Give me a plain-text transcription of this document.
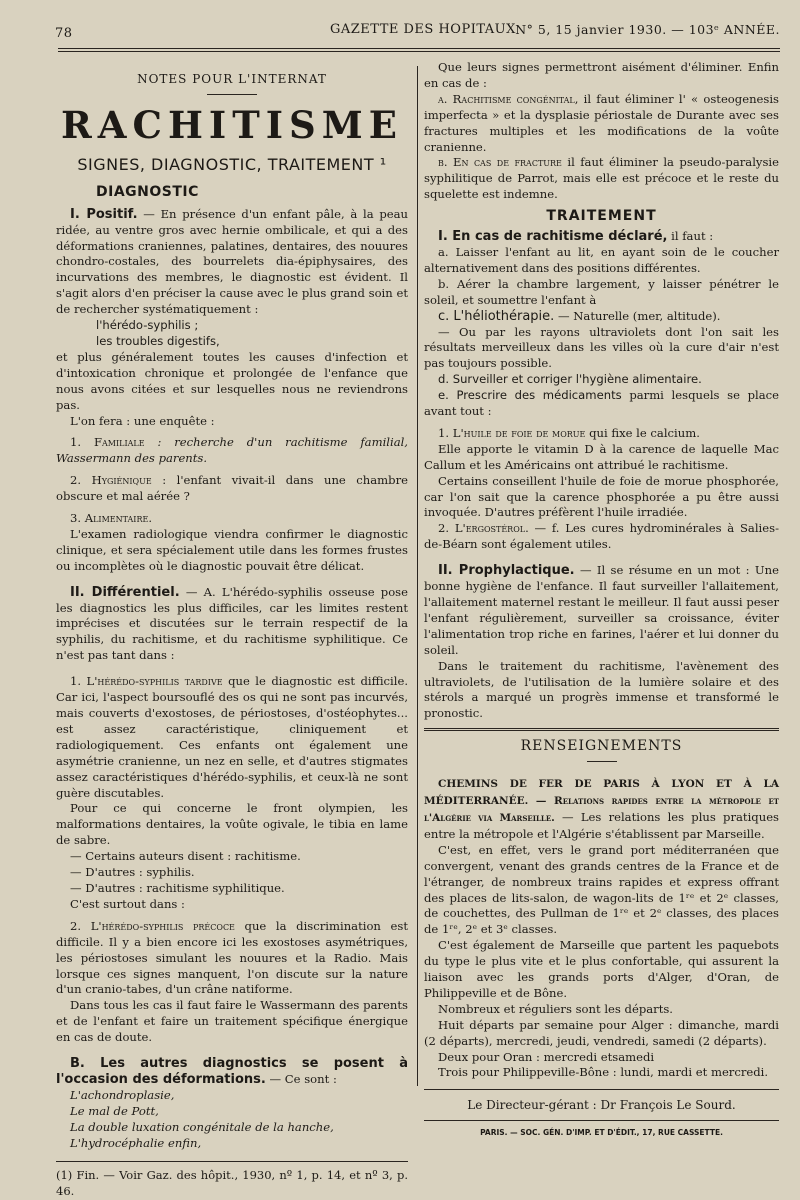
78	GAZETTE DES HOPITAUX N° 5, 15 janvier 1930. — 103ᵉ ANNÉE.

NOTES POUR L'INTERNAT

RACHITISME

SIGNES, DIAGNOSTIC, TRAITEMENT ¹

DIAGNOSTIC

I. Positif. — En présence d'un enfant pâle, à la peau ridée, au ventre gros avec hernie ombilicale, et qui a des déformations craniennes, palatines, dentaires, des nouures chondro-costales, des bourrelets dia-épiphysaires, des incurvations des membres, le diagnostic est évident. Il s'agit alors d'en préciser la cause avec le plus grand soin et de rechercher systématiquement :

l'hérédo-syphilis ;

les troubles digestifs,

et plus généralement toutes les causes d'infection et d'intoxication chronique et prolongée de l'enfance que nous avons citées et sur lesquelles nous ne reviendrons pas.

L'on fera : une enquête :

1. Familiale : recherche d'un rachitisme familial, Wassermann des parents.

2. Hygiénique : l'enfant vivait-il dans une chambre obscure et mal aérée ?

3. Alimentaire.

L'examen radiologique viendra confirmer le diagnostic clinique, et sera spécialement utile dans les formes frustes ou incomplètes où le diagnostic pouvait être délicat.

II. Différentiel. — A. L'hérédo-syphilis osseuse pose les diagnostics les plus difficiles, car les limites restent imprécises et discutées sur le terrain respectif de la syphilis, du rachitisme, et du rachitisme syphilitique. Ce n'est pas tant dans :

1. L'hérédo-syphilis tardive que le diagnostic est difficile. Car ici, l'aspect boursouflé des os qui ne sont pas incurvés, mais couverts d'exostoses, de périostoses, d'ostéophytes... est assez caractéristique, cliniquement et radiologiquement. Ces enfants ont également une asymétrie cranienne, un nez en selle, et d'autres stigmates assez caractéristiques d'hérédo-syphilis, et ceux-là ne sont guère discutables.

Pour ce qui concerne le front olympien, les malformations dentaires, la voûte ogivale, le tibia en lame de sabre.

— Certains auteurs disent : rachitisme.

— D'autres : syphilis.

— D'autres : rachitisme syphilitique.

C'est surtout dans :

2. L'hérédo-syphilis précoce que la discrimination est difficile. Il y a bien encore ici les exostoses asymétriques, les périostoses simulant les nouures et la Radio. Mais lorsque ces signes manquent, l'on discute sur la nature d'un cranio-tabes, d'un crâne natiforme.

Dans tous les cas il faut faire le Wassermann des parents et de l'enfant et faire un traitement spécifique énergique en cas de doute.

B. Les autres diagnostics se posent à l'occasion des déformations. — Ce sont :

L'achondroplasie,

Le mal de Pott,

La double luxation congénitale de la hanche,

L'hydrocéphalie enfin,

(1) Fin. — Voir Gaz. des hôpit., 1930, nº 1, p. 14, et nº 3, p. 46.

Que leurs signes permettront aisément d'éliminer. Enfin en cas de :

a. Rachitisme congénital, il faut éliminer l' « osteogenesis imperfecta » et la dysplasie périostale de Durante avec ses fractures multiples et les modifications de la voûte cranienne.

b. En cas de fracture il faut éliminer la pseudo-paralysie syphilitique de Parrot, mais elle est précoce et le reste du squelette est indemne.

TRAITEMENT

I. En cas de rachitisme déclaré, il faut :

a. Laisser l'enfant au lit, en ayant soin de le coucher alternativement dans des positions différentes.

b. Aérer la chambre largement, y laisser pénétrer le soleil, et soumettre l'enfant à

c. L'héliothérapie. — Naturelle (mer, altitude).

— Ou par les rayons ultraviolets dont l'on sait les résultats merveilleux dans les villes où la cure d'air n'est pas toujours possible.

d. Surveiller et corriger l'hygiène alimentaire.

e. Prescrire des médicaments parmi lesquels se place avant tout :

1. L'huile de foie de morue qui fixe le calcium.

Elle apporte le vitamin D à la carence de laquelle Mac Callum et les Américains ont attribué le rachitisme.

Certains conseillent l'huile de foie de morue phosphorée, car l'on sait que la carence phosphorée a pu être aussi invoquée. D'autres préfèrent l'huile irradiée.

2. L'ergostérol. — f. Les cures hydrominérales à Salies-de-Béarn sont également utiles.

II. Prophylactique. — Il se résume en un mot : Une bonne hygiène de l'enfance. Il faut surveiller l'allaitement, l'allaitement maternel restant le meilleur. Il faut aussi peser l'enfant régulièrement, surveiller sa croissance, éviter l'alimentation trop riche en farines, l'aérer et lui donner du soleil.

Dans le traitement du rachitisme, l'avènement des ultraviolets, de l'utilisation de la lumière solaire et des stérols a marqué un progrès immense et transformé le pronostic.

RENSEIGNEMENTS

CHEMINS DE FER DE PARIS À LYON ET À LA MÉDITERRANÉE. — Relations rapides entre la métropole et l'Algérie via Marseille. — Les relations les plus pratiques entre la métropole et l'Algérie s'établissent par Marseille.

C'est, en effet, vers le grand port méditerranéen que convergent, venant des grands centres de la France et de l'étranger, de nombreux trains rapides et express offrant des places de lits-salon, de wagon-lits de 1ʳᵉ et 2ᵉ classes, de couchettes, des Pullman de 1ʳᵉ et 2ᵉ classes, des places de 1ʳᵉ, 2ᵉ et 3ᵉ classes.

C'est également de Marseille que partent les paquebots du type le plus vite et le plus confortable, qui assurent la liaison avec les grands ports d'Alger, d'Oran, de Philippeville et de Bône.

Nombreux et réguliers sont les départs.

Huit départs par semaine pour Alger : dimanche, mardi (2 départs), mercredi, jeudi, vendredi, samedi (2 départs).

Deux pour Oran : mercredi etsamedi

Trois pour Philippeville-Bône : lundi, mardi et mercredi.

Le Directeur-gérant : Dr François Le Sourd.

PARIS. — SOC. GÉN. D'IMP. ET D'ÉDIT., 17, RUE CASSETTE.
